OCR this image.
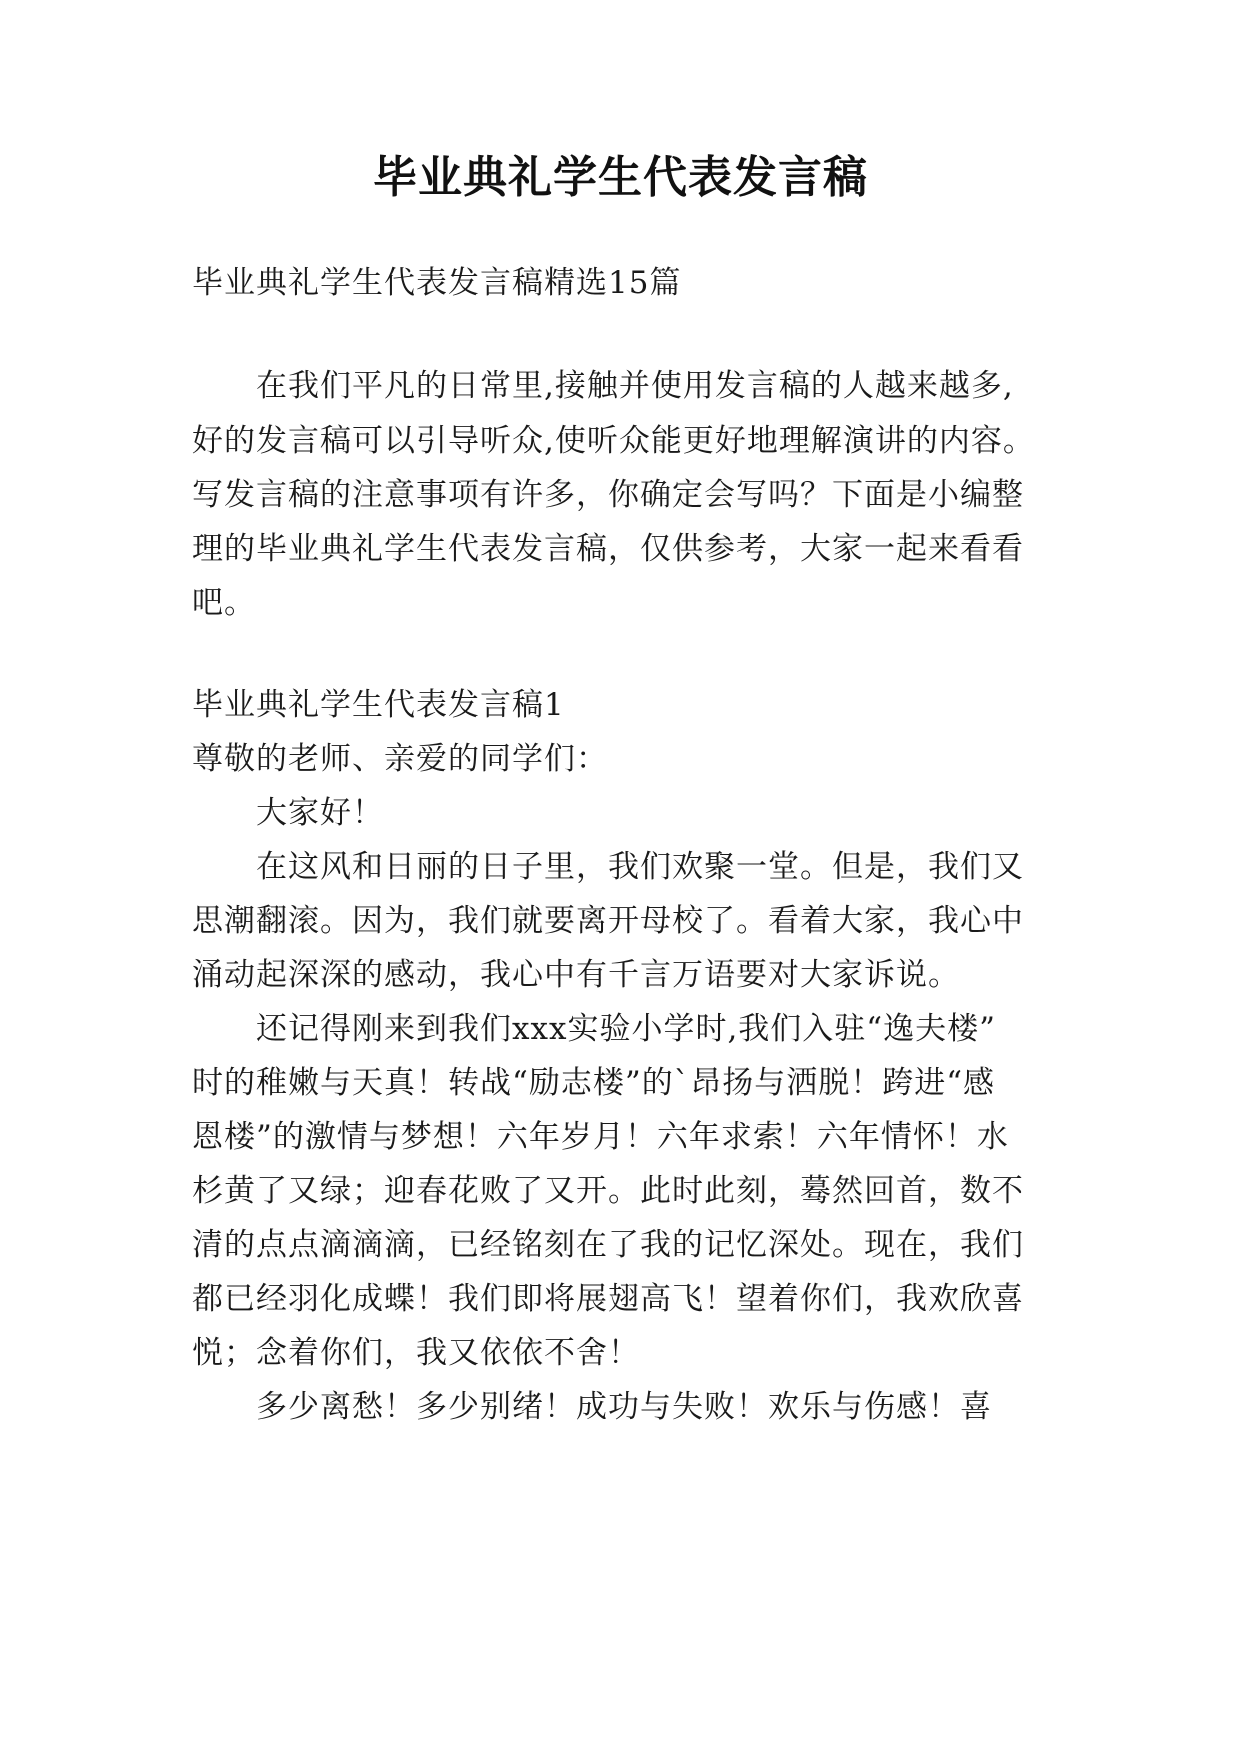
毕业典礼学生代表发言稿
毕业典礼学生代表发言稿精选15篇
在我们平凡的日常里,接触并使用发言稿的人越来越多,
好的发言稿可以引导听众,使听众能更好地理解演讲的内容。
写发言稿的注意事项有许多，你确定会写吗？下面是小编整
理的毕业典礼学生代表发言稿，仅供参考，大家一起来看看
吧。
毕业典礼学生代表发言稿1
尊敬的老师、亲爱的同学们：
大家好！
在这风和日丽的日子里，我们欢聚一堂。但是，我们又
思潮翻滚。因为，我们就要离开母校了。看着大家，我心中
涌动起深深的感动，我心中有千言万语要对大家诉说。
还记得刚来到我们xxx实验小学时,我们入驻“逸夫楼”
时的稚嫩与天真！转战“励志楼”的`昂扬与洒脱！跨进“感
恩楼”的激情与梦想！六年岁月！六年求索！六年情怀！水
杉黄了又绿；迎春花败了又开。此时此刻，蓦然回首，数不
清的点点滴滴滴，已经铭刻在了我的记忆深处。现在，我们
都已经羽化成蝶！我们即将展翅高飞！望着你们，我欢欣喜
悦；念着你们，我又依依不舍！
多少离愁！多少别绪！成功与失败！欢乐与伤感！喜
